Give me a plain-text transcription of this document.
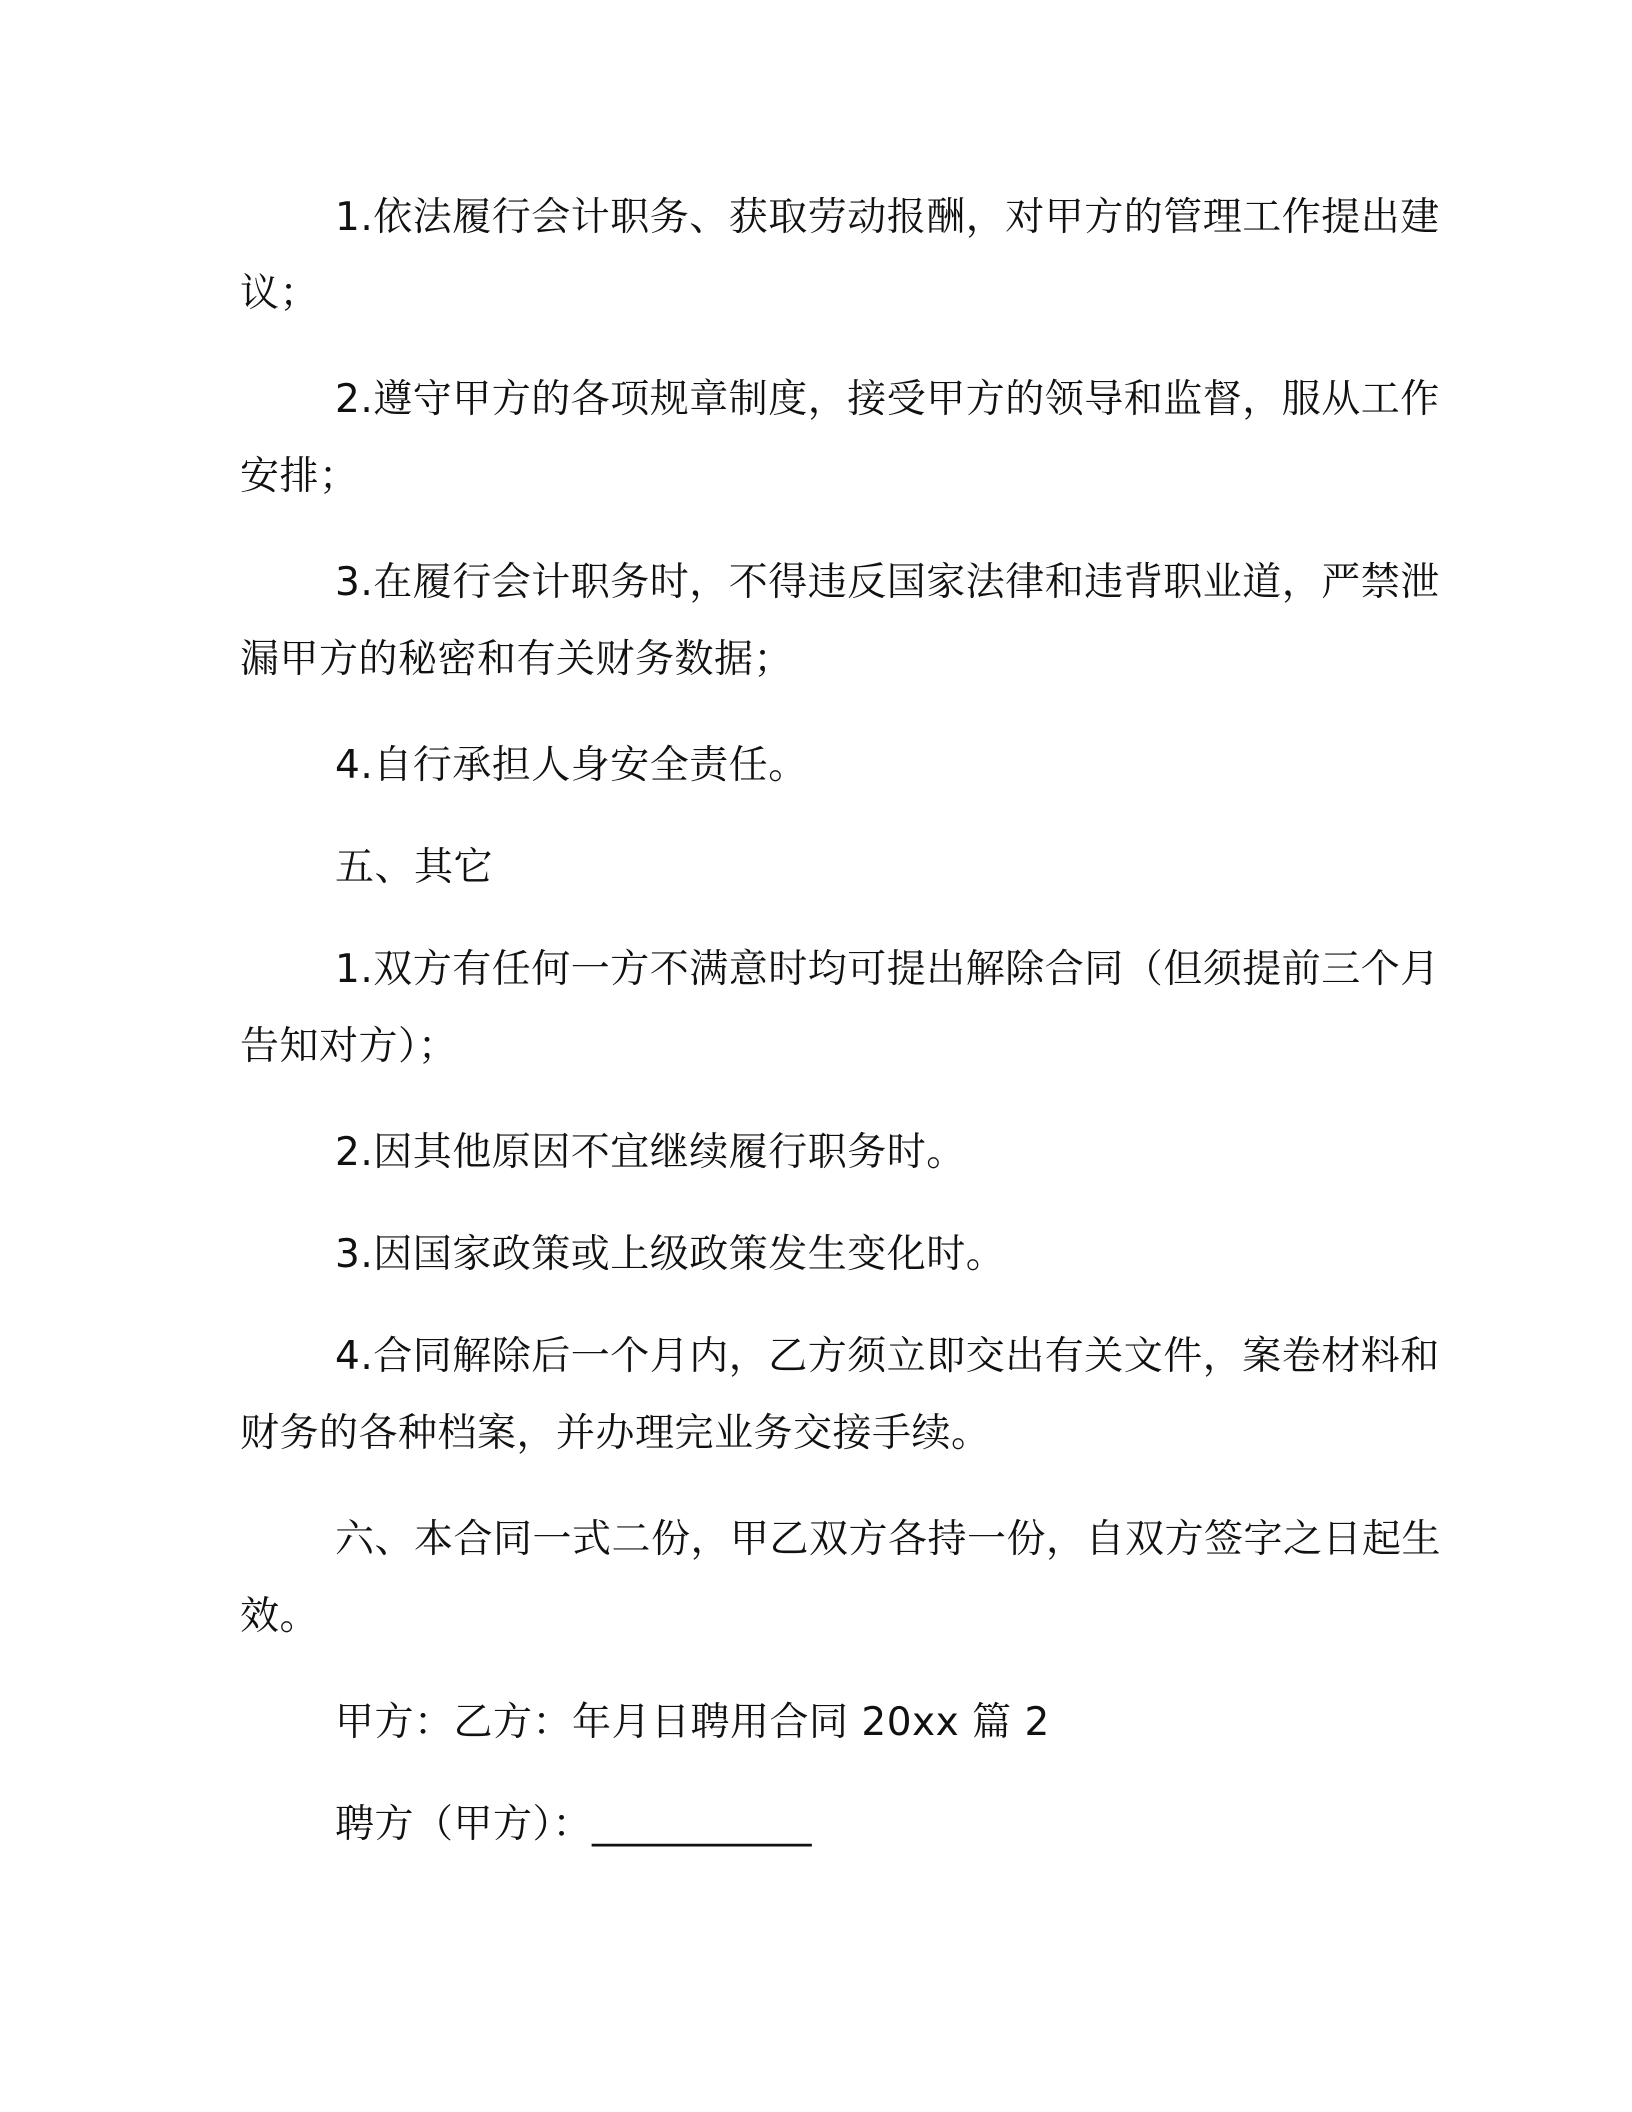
1.依法履行会计职务、获取劳动报酬，对甲方的管理工作提出建

议；

2.遵守甲方的各项规章制度，接受甲方的领导和监督，服从工作

安排；

3.在履行会计职务时，不得违反国家法律和违背职业道，严禁泄

漏甲方的秘密和有关财务数据；

4.自行承担人身安全责任。

五、其它

1.双方有任何一方不满意时均可提出解除合同（但须提前三个月

告知对方）；

2.因其他原因不宜继续履行职务时。

3.因国家政策或上级政策发生变化时。

4.合同解除后一个月内，乙方须立即交出有关文件，案卷材料和

财务的各种档案，并办理完业务交接手续。

六、本合同一式二份，甲乙双方各持一份，自双方签字之日起生

效。

甲方：乙方：年月日聘用合同 20xx 篇 2

聘方（甲方）：___________
